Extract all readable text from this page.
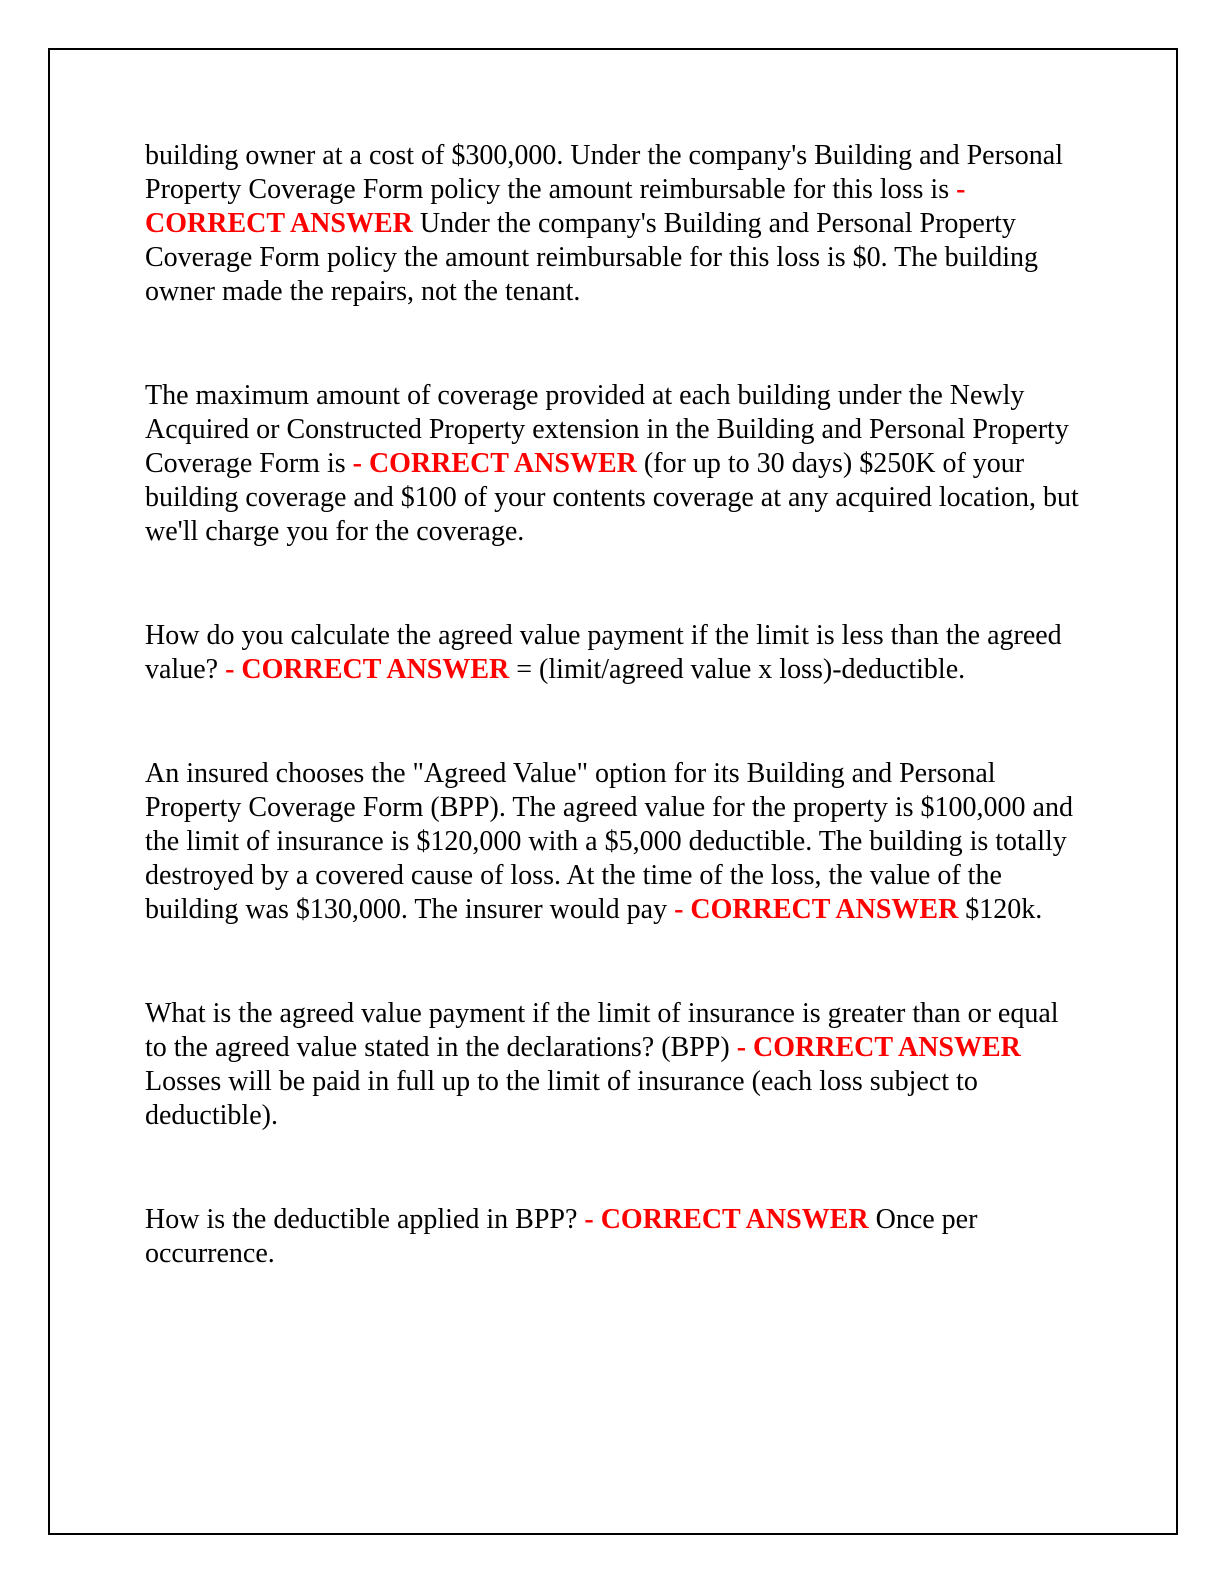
building owner at a cost of $300,000. Under the company's Building and Personal Property Coverage Form policy the amount reimbursable for this loss is - CORRECT ANSWER Under the company's Building and Personal Property Coverage Form policy the amount reimbursable for this loss is $0. The building owner made the repairs, not the tenant.

The maximum amount of coverage provided at each building under the Newly Acquired or Constructed Property extension in the Building and Personal Property Coverage Form is - CORRECT ANSWER (for up to 30 days) $250K of your building coverage and $100 of your contents coverage at any acquired location, but we'll charge you for the coverage.

How do you calculate the agreed value payment if the limit is less than the agreed value? - CORRECT ANSWER = (limit/agreed value x loss)-deductible.

An insured chooses the "Agreed Value" option for its Building and Personal Property Coverage Form (BPP). The agreed value for the property is $100,000 and the limit of insurance is $120,000 with a $5,000 deductible. The building is totally destroyed by a covered cause of loss. At the time of the loss, the value of the building was $130,000. The insurer would pay - CORRECT ANSWER $120k.

What is the agreed value payment if the limit of insurance is greater than or equal to the agreed value stated in the declarations? (BPP) - CORRECT ANSWER Losses will be paid in full up to the limit of insurance (each loss subject to deductible).

How is the deductible applied in BPP? - CORRECT ANSWER Once per occurrence.
